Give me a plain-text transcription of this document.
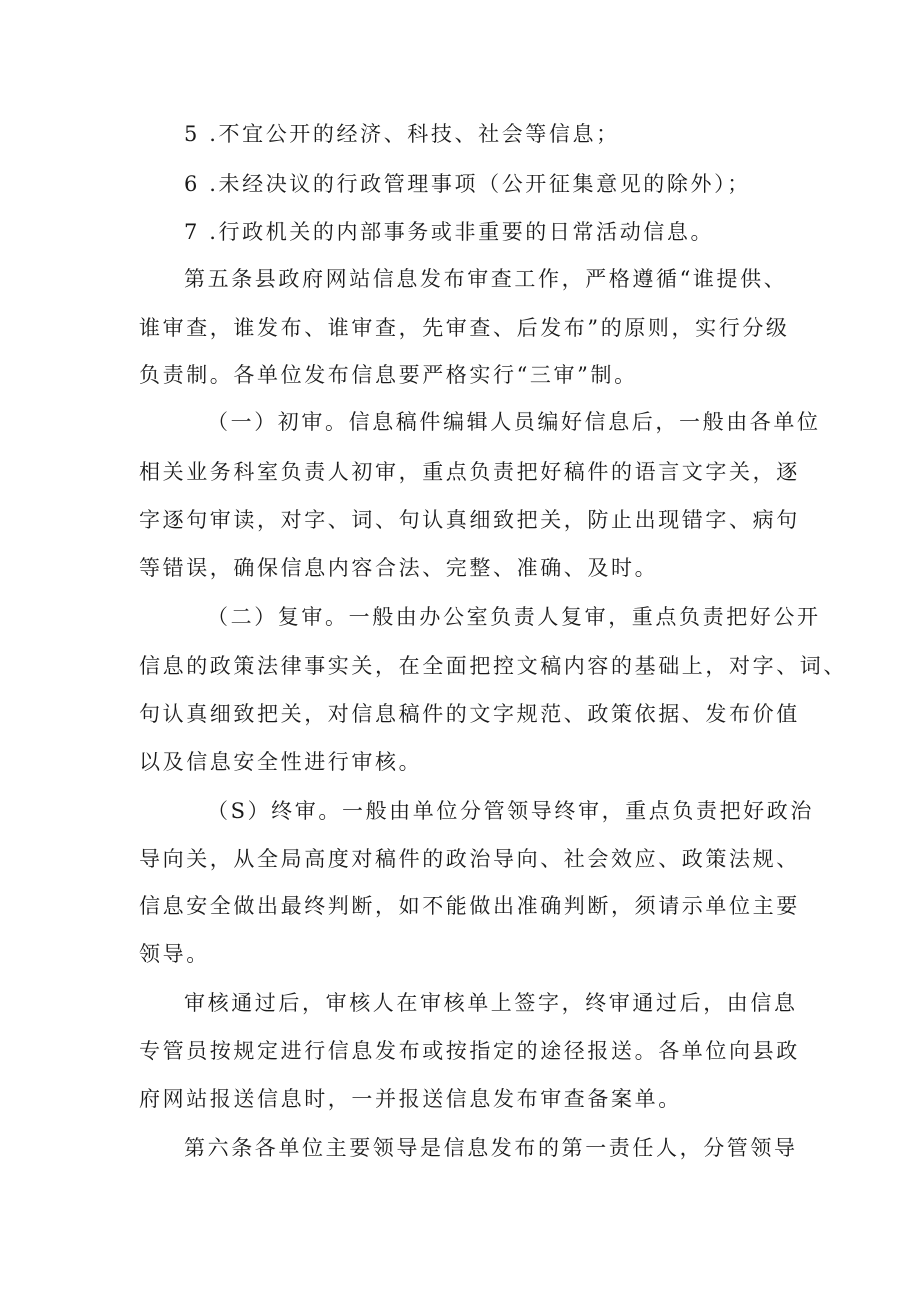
5 .不宜公开的经济、科技、社会等信息；
6 .未经决议的行政管理事项（公开征集意见的除外）；
7 .行政机关的内部事务或非重要的日常活动信息。
第五条县政府网站信息发布审查工作，严格遵循“谁提供、
谁审查，谁发布、谁审查，先审查、后发布”的原则，实行分级
负责制。各单位发布信息要严格实行“三审”制。
（一）初审。信息稿件编辑人员编好信息后，一般由各单位
相关业务科室负责人初审，重点负责把好稿件的语言文字关，逐
字逐句审读，对字、词、句认真细致把关，防止出现错字、病句
等错误，确保信息内容合法、完整、准确、及时。
（二）复审。一般由办公室负责人复审，重点负责把好公开
信息的政策法律事实关，在全面把控文稿内容的基础上，对字、词、
句认真细致把关，对信息稿件的文字规范、政策依据、发布价值
以及信息安全性进行审核。
（S）终审。一般由单位分管领导终审，重点负责把好政治
导向关，从全局高度对稿件的政治导向、社会效应、政策法规、
信息安全做出最终判断，如不能做出准确判断，须请示单位主要
领导。
审核通过后，审核人在审核单上签字，终审通过后，由信息
专管员按规定进行信息发布或按指定的途径报送。各单位向县政
府网站报送信息时，一并报送信息发布审查备案单。
第六条各单位主要领导是信息发布的第一责任人，分管领导
